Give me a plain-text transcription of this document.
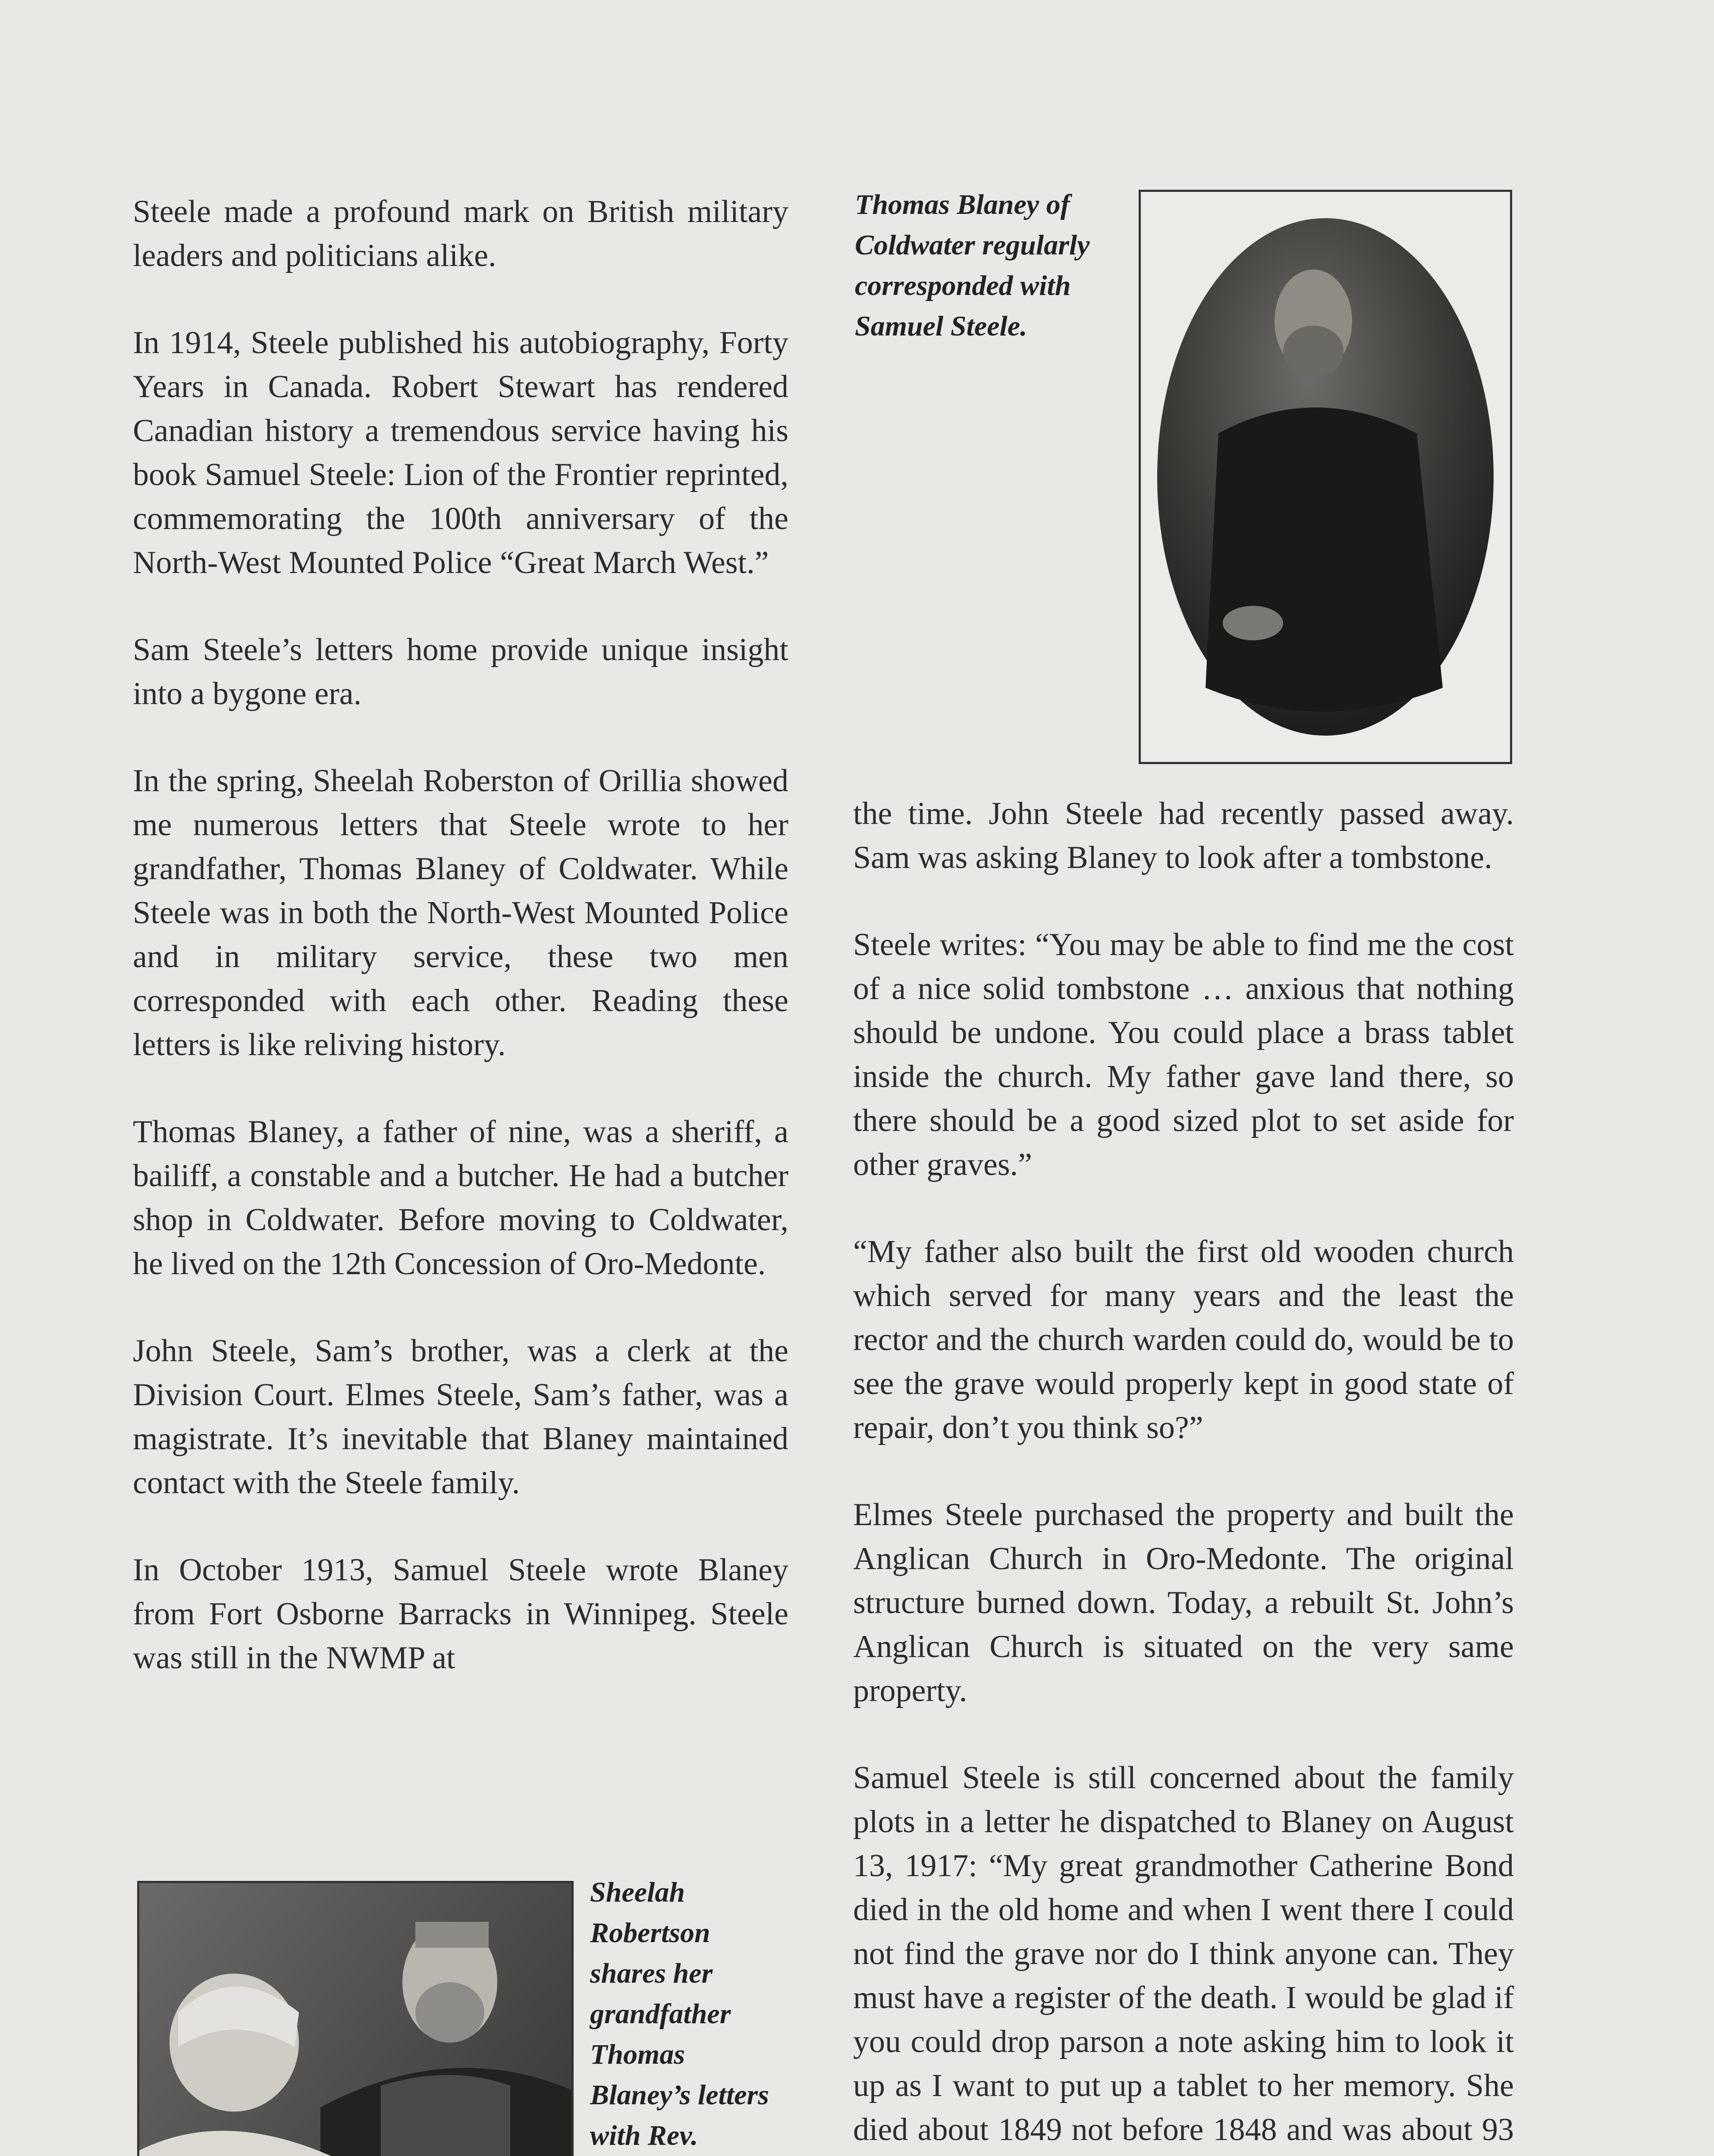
Steele made a profound mark on British military leaders and politicians alike.

In 1914, Steele published his autobiography, Forty Years in Canada. Robert Stewart has rendered Canadian history a tremendous service having his book Samuel Steele: Lion of the Frontier reprinted, commemorating the 100th anniversary of the North-West Mounted Police “Great March West.”

Sam Steele’s letters home provide unique insight into a bygone era.

In the spring, Sheelah Roberston of Orillia showed me numerous letters that Steele wrote to her grandfather, Thomas Blaney of Coldwater. While Steele was in both the North-West Mounted Police and in military service, these two men corresponded with each other. Reading these letters is like reliving history.

Thomas Blaney, a father of nine, was a sheriff, a bailiff, a constable and a butcher. He had a butcher shop in Coldwater. Before moving to Coldwater, he lived on the 12th Concession of Oro-Medonte.

John Steele, Sam’s brother, was a clerk at the Division Court. Elmes Steele, Sam’s father, was a magistrate. It’s inevitable that Blaney maintained contact with the Steele family.

In October 1913, Samuel Steele wrote Blaney from Fort Osborne Barracks in Winnipeg. Steele was still in the NWMP at

Sheelah Robertson shares her grandfather Thomas Blaney’s letters with Rev.
Thomas Blaney of Coldwater regularly corresponded with Samuel Steele.

the time. John Steele had recently passed away. Sam was asking Blaney to look after a tombstone.

Steele writes: “You may be able to find me the cost of a nice solid tombstone … anxious that nothing should be undone. You could place a brass tablet inside the church. My father gave land there, so there should be a good sized plot to set aside for other graves.”

“My father also built the first old wooden church which served for many years and the least the rector and the church warden could do, would be to see the grave would properly kept in good state of repair, don’t you think so?”

Elmes Steele purchased the property and built the Anglican Church in Oro-Medonte. The original structure burned down. Today, a rebuilt St. John’s Anglican Church is situated on the very same property.

Samuel Steele is still concerned about the family plots in a letter he dispatched to Blaney on August 13, 1917: “My great grandmother Catherine Bond died in the old home and when I went there I could not find the grave nor do I think anyone can. They must have a register of the death. I would be glad if you could drop parson a note asking him to look it up as I want to put up a tablet to her memory. She died about 1849 not before 1848 and was about 93
